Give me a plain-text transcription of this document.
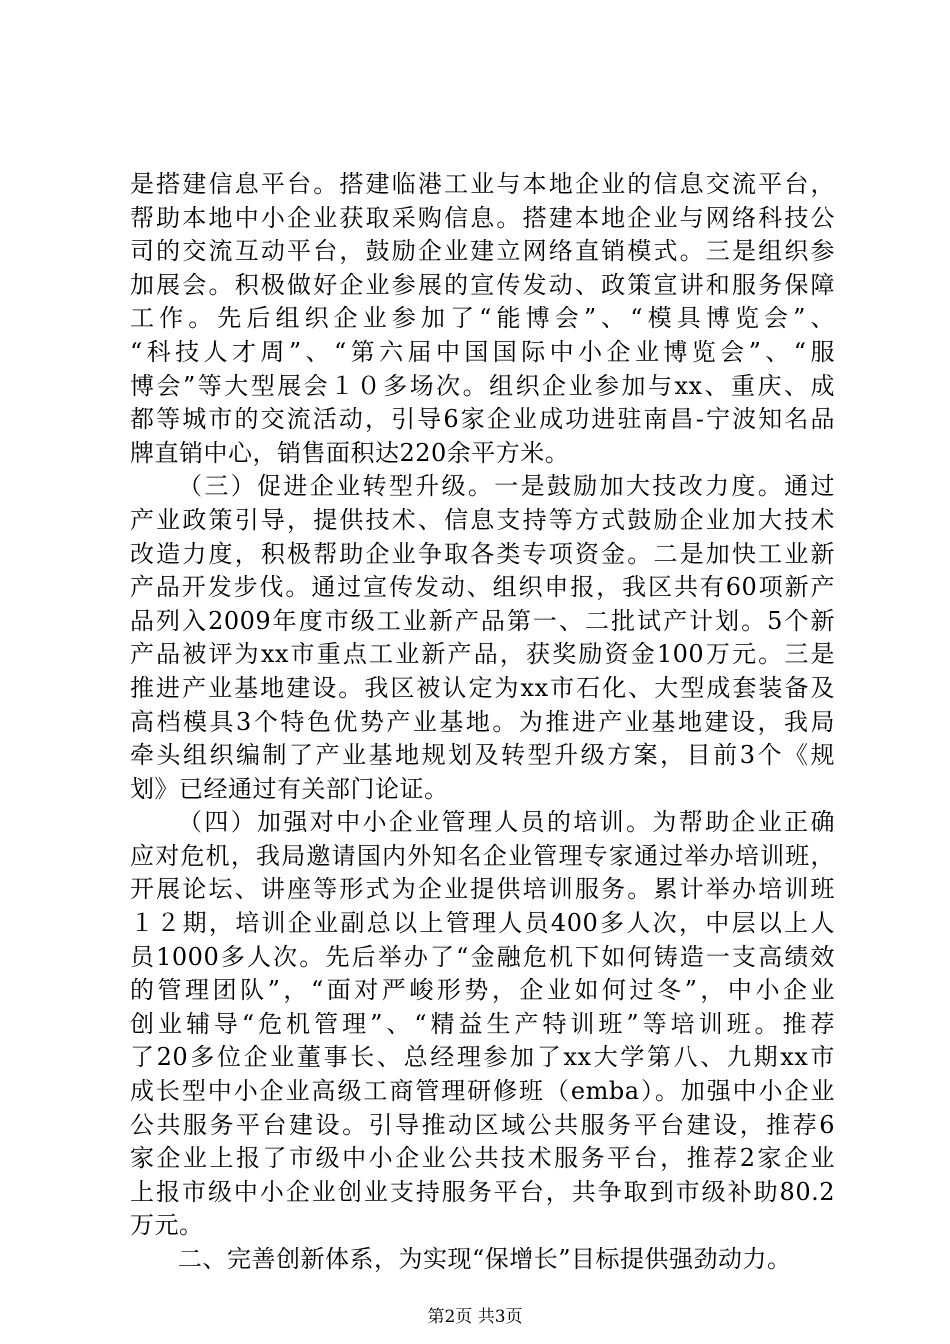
是搭建信息平台。搭建临港工业与本地企业的信息交流平台，
帮助本地中小企业获取采购信息。搭建本地企业与网络科技公
司的交流互动平台，鼓励企业建立网络直销模式。三是组织参
加展会。积极做好企业参展的宣传发动、政策宣讲和服务保障
工作。先后组织企业参加了“能博会”、“模具博览会”、
“科技人才周”、“第六届中国国际中小企业博览会”、“服
博会”等大型展会１０多场次。组织企业参加与xx、重庆、成
都等城市的交流活动，引导6家企业成功进驻南昌-宁波知名品
牌直销中心，销售面积达220余平方米。
（三）促进企业转型升级。一是鼓励加大技改力度。通过
产业政策引导，提供技术、信息支持等方式鼓励企业加大技术
改造力度，积极帮助企业争取各类专项资金。二是加快工业新
产品开发步伐。通过宣传发动、组织申报，我区共有60项新产
品列入2009年度市级工业新产品第一、二批试产计划。5个新
产品被评为xx市重点工业新产品，获奖励资金100万元。三是
推进产业基地建设。我区被认定为xx市石化、大型成套装备及
高档模具3个特色优势产业基地。为推进产业基地建设，我局
牵头组织编制了产业基地规划及转型升级方案，目前3个《规
划》已经通过有关部门论证。
（四）加强对中小企业管理人员的培训。为帮助企业正确
应对危机，我局邀请国内外知名企业管理专家通过举办培训班，
开展论坛、讲座等形式为企业提供培训服务。累计举办培训班
１２期，培训企业副总以上管理人员400多人次，中层以上人
员1000多人次。先后举办了“金融危机下如何铸造一支高绩效
的管理团队”，“面对严峻形势，企业如何过冬”，中小企业
创业辅导“危机管理”、“精益生产特训班”等培训班。推荐
了20多位企业董事长、总经理参加了xx大学第八、九期xx市
成长型中小企业高级工商管理研修班（emba）。加强中小企业
公共服务平台建设。引导推动区域公共服务平台建设，推荐6
家企业上报了市级中小企业公共技术服务平台，推荐2家企业
上报市级中小企业创业支持服务平台，共争取到市级补助80.2
万元。
二、完善创新体系，为实现“保增长”目标提供强劲动力。
第2页 共3页
